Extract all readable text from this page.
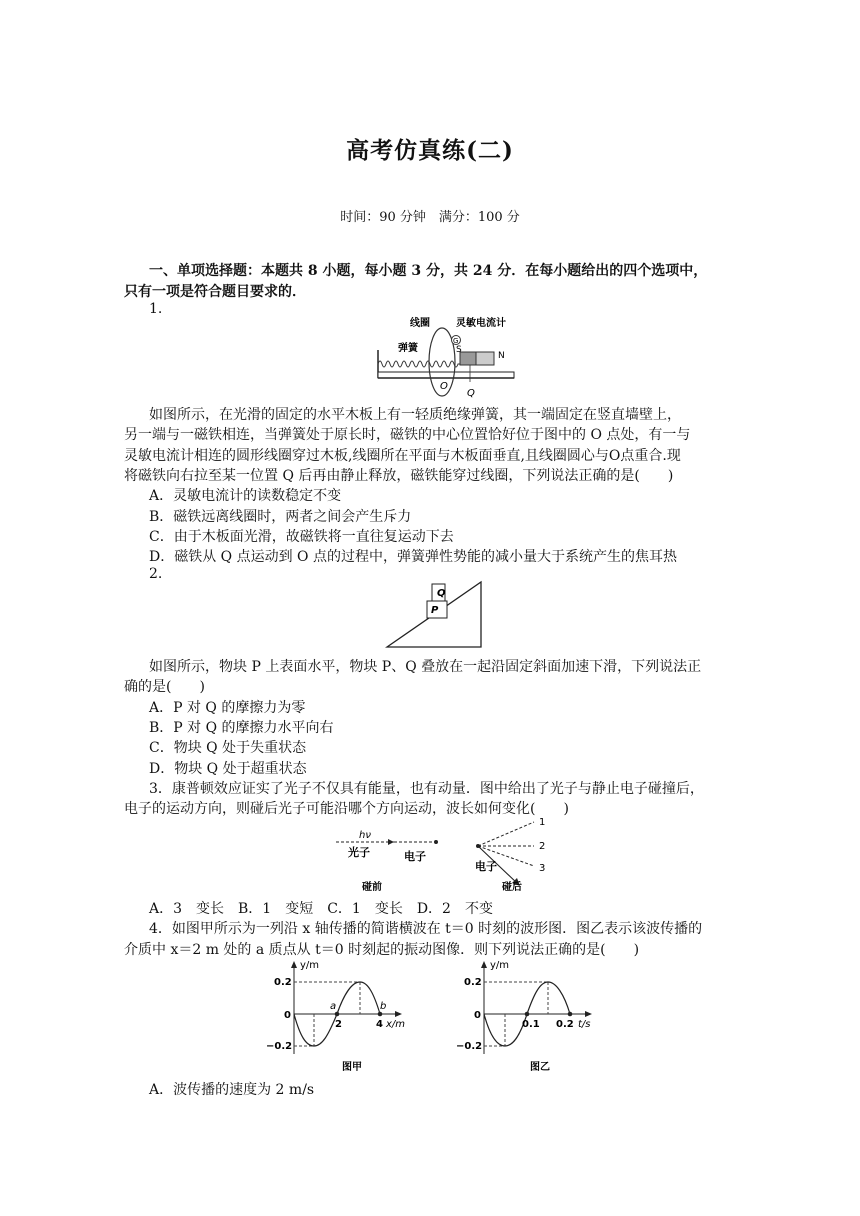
高考仿真练(二)
时间：90 分钟　满分：100 分
一、单项选择题：本题共 8 小题，每小题 3 分，共 24 分．在每小题给出的四个选项中，
只有一项是符合题目要求的．
1.
线圈	灵敏电流计
G
弹簧	S
N
O
Q
如图所示，在光滑的固定的水平木板上有一轻质绝缘弹簧，其一端固定在竖直墙壁上，
另一端与一磁铁相连，当弹簧处于原长时，磁铁的中心位置恰好位于图中的 O 点处，有一与
灵敏电流计相连的圆形线圈穿过木板,线圈所在平面与木板面垂直,且线圈圆心与O点重合.现
将磁铁向右拉至某一位置 Q 后再由静止释放，磁铁能穿过线圈，下列说法正确的是(　　)
A．灵敏电流计的读数稳定不变
B．磁铁远离线圈时，两者之间会产生斥力
C．由于木板面光滑，故磁铁将一直往复运动下去
D．磁铁从 Q 点运动到 O 点的过程中，弹簧弹性势能的减小量大于系统产生的焦耳热
2.
Q
P
如图所示，物块 P 上表面水平，物块 P、Q 叠放在一起沿固定斜面加速下滑，下列说法正
确的是(　　)
A．P 对 Q 的摩擦力为零
B．P 对 Q 的摩擦力水平向右
C．物块 Q 处于失重状态
D．物块 Q 处于超重状态
3．康普顿效应证实了光子不仅具有能量，也有动量．图中给出了光子与静止电子碰撞后，
电子的运动方向，则碰后光子可能沿哪个方向运动，波长如何变化(　　)
hν
光子	电子
碰前
1
2
3
电子
碰后
A．3　变长　B．1　变短　C．1　变长　D．2　不变
4．如图甲所示为一列沿 x 轴传播的简谐横波在 t＝0 时刻的波形图．图乙表示该波传播的
介质中 x＝2 m 处的 a 质点从 t＝0 时刻起的振动图像．则下列说法正确的是(　　)
y/m
0.2
0
−0.2
a	b
2	4 x/m
图甲
y/m
0.2
0
−0.2
0.1 0.2 t/s
图乙
A．波传播的速度为 2 m/s
